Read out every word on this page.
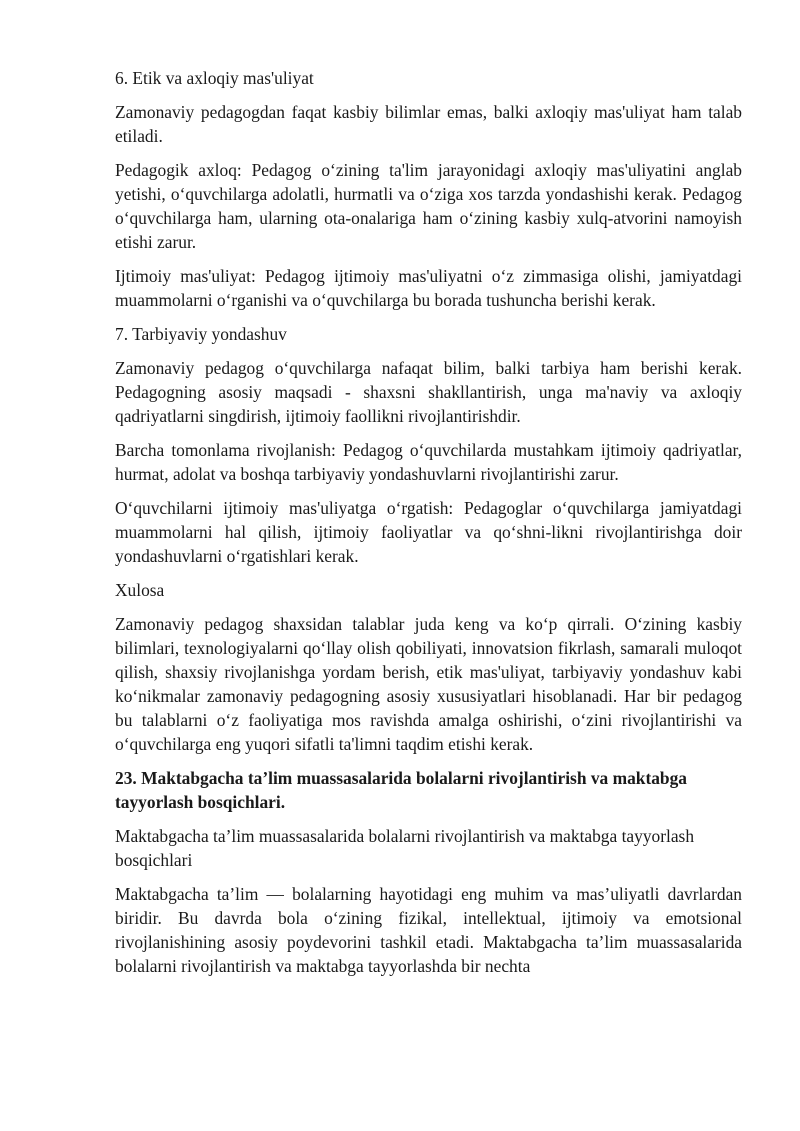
6. Etik va axloqiy mas'uliyat

Zamonaviy pedagogdan faqat kasbiy bilimlar emas, balki axloqiy mas'uliyat ham talab etiladi.

Pedagogik axloq: Pedagog oʻzining ta'lim jarayonidagi axloqiy mas'uliyatini anglab yetishi, oʻquvchilarga adolatli, hurmatli va oʻziga xos tarzda yondashishi kerak. Pedagog oʻquvchilarga ham, ularning ota-onalariga ham oʻzining kasbiy xulq-atvorini namoyish etishi zarur.

Ijtimoiy mas'uliyat: Pedagog ijtimoiy mas'uliyatni oʻz zimmasiga olishi, jamiyatdagi muammolarni oʻrganishi va oʻquvchilarga bu borada tushuncha berishi kerak.

7. Tarbiyaviy yondashuv

Zamonaviy pedagog oʻquvchilarga nafaqat bilim, balki tarbiya ham berishi kerak. Pedagogning asosiy maqsadi - shaxsni shakllantirish, unga ma'naviy va axloqiy qadriyatlarni singdirish, ijtimoiy faollikni rivojlantirishdir.

Barcha tomonlama rivojlanish: Pedagog oʻquvchilarda mustahkam ijtimoiy qadriyatlar, hurmat, adolat va boshqa tarbiyaviy yondashuvlarni rivojlantirishi zarur.

Oʻquvchilarni ijtimoiy mas'uliyatga oʻrgatish: Pedagoglar oʻquvchilarga jamiyatdagi muammolarni hal qilish, ijtimoiy faoliyatlar va qoʻshni-likni rivojlantirishga doir yondashuvlarni oʻrgatishlari kerak.

Xulosa

Zamonaviy pedagog shaxsidan talablar juda keng va koʻp qirrali. Oʻzining kasbiy bilimlari, texnologiyalarni qoʻllay olish qobiliyati, innovatsion fikrlash, samarali muloqot qilish, shaxsiy rivojlanishga yordam berish, etik mas'uliyat, tarbiyaviy yondashuv kabi koʻnikmalar zamonaviy pedagogning asosiy xususiyatlari hisoblanadi. Har bir pedagog bu talablarni oʻz faoliyatiga mos ravishda amalga oshirishi, oʻzini rivojlantirishi va oʻquvchilarga eng yuqori sifatli ta'limni taqdim etishi kerak.

23. Maktabgacha ta’lim muassasalarida bolalarni rivojlantirish va maktabga tayyorlash bosqichlari.

Maktabgacha ta’lim muassasalarida bolalarni rivojlantirish va maktabga tayyorlash bosqichlari

Maktabgacha ta’lim — bolalarning hayotidagi eng muhim va mas’uliyatli davrlardan biridir. Bu davrda bola oʻzining fizikal, intellektual, ijtimoiy va emotsional rivojlanishining asosiy poydevorini tashkil etadi. Maktabgacha ta’lim muassasalarida bolalarni rivojlantirish va maktabga tayyorlashda bir nechta
